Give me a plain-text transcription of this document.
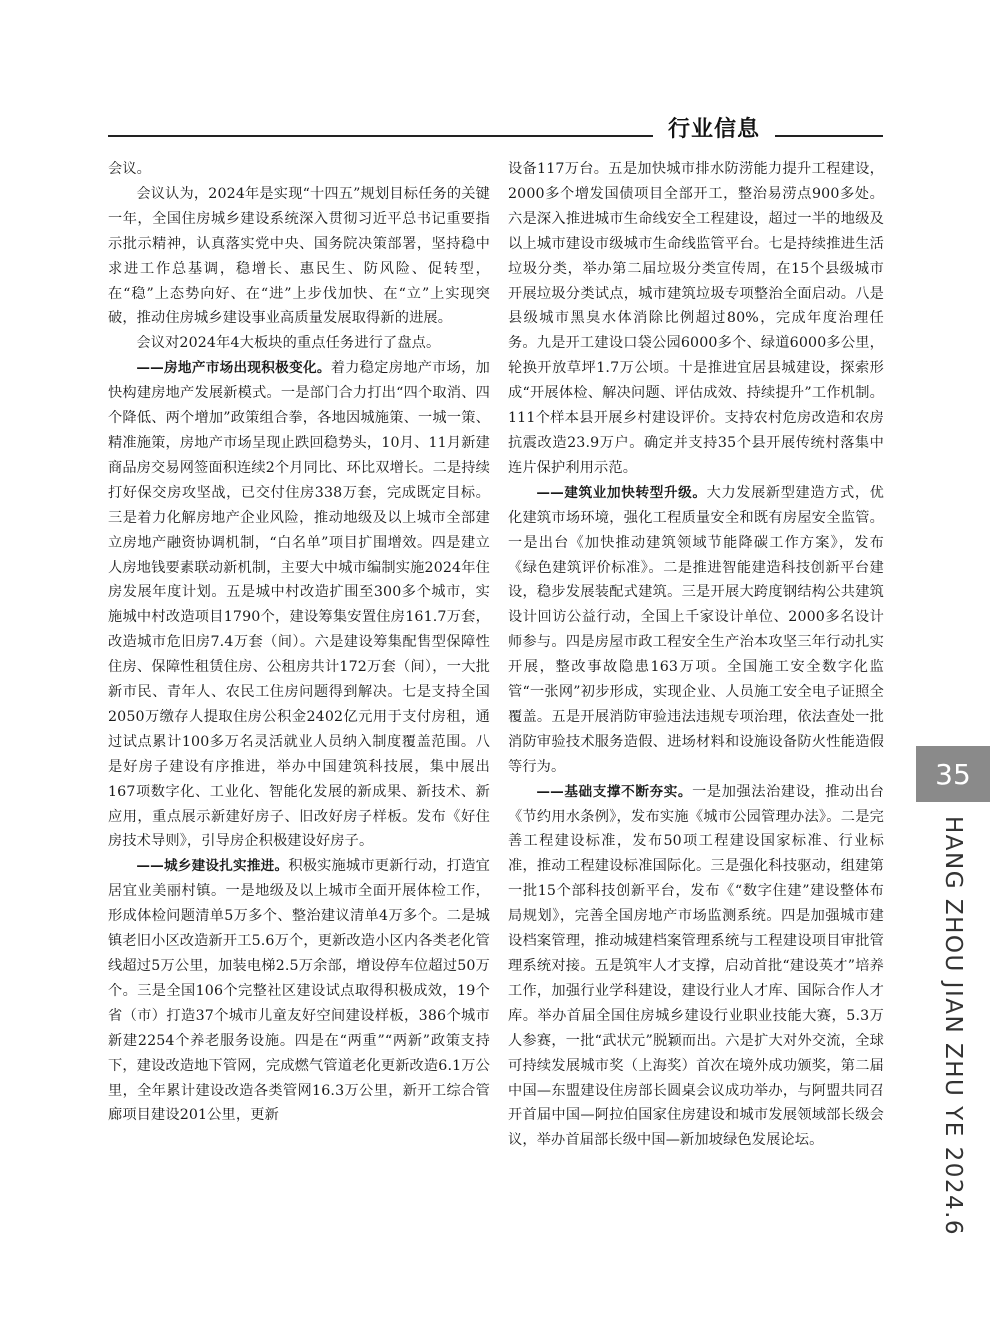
行业信息

会议。

会议认为，2024年是实现“十四五”规划目标任务的关键一年，全国住房城乡建设系统深入贯彻习近平总书记重要指示批示精神，认真落实党中央、国务院决策部署，坚持稳中求进工作总基调，稳增长、惠民生、防风险、促转型，在“稳”上态势向好、在“进”上步伐加快、在“立”上实现突破，推动住房城乡建设事业高质量发展取得新的进展。

会议对2024年4大板块的重点任务进行了盘点。

——房地产市场出现积极变化。着力稳定房地产市场，加快构建房地产发展新模式。一是部门合力打出“四个取消、四个降低、两个增加”政策组合拳，各地因城施策、一城一策、精准施策，房地产市场呈现止跌回稳势头，10月、11月新建商品房交易网签面积连续2个月同比、环比双增长。二是持续打好保交房攻坚战，已交付住房338万套，完成既定目标。三是着力化解房地产企业风险，推动地级及以上城市全部建立房地产融资协调机制，“白名单”项目扩围增效。四是建立人房地钱要素联动新机制，主要大中城市编制实施2024年住房发展年度计划。五是城中村改造扩围至300多个城市，实施城中村改造项目1790个，建设筹集安置住房161.7万套，改造城市危旧房7.4万套（间）。六是建设筹集配售型保障性住房、保障性租赁住房、公租房共计172万套（间），一大批新市民、青年人、农民工住房问题得到解决。七是支持全国2050万缴存人提取住房公积金2402亿元用于支付房租，通过试点累计100多万名灵活就业人员纳入制度覆盖范围。八是好房子建设有序推进，举办中国建筑科技展，集中展出167项数字化、工业化、智能化发展的新成果、新技术、新应用，重点展示新建好房子、旧改好房子样板。发布《好住房技术导则》，引导房企积极建设好房子。

——城乡建设扎实推进。积极实施城市更新行动，打造宜居宜业美丽村镇。一是地级及以上城市全面开展体检工作，形成体检问题清单5万多个、整治建议清单4万多个。二是城镇老旧小区改造新开工5.6万个，更新改造小区内各类老化管线超过5万公里，加装电梯2.5万余部，增设停车位超过50万个。三是全国106个完整社区建设试点取得积极成效，19个省（市）打造37个城市儿童友好空间建设样板，386个城市新建2254个养老服务设施。四是在“两重”“两新”政策支持下，建设改造地下管网，完成燃气管道老化更新改造6.1万公里，全年累计建设改造各类管网16.3万公里，新开工综合管廊项目建设201公里，更新

设备117万台。五是加快城市排水防涝能力提升工程建设，2000多个增发国债项目全部开工，整治易涝点900多处。六是深入推进城市生命线安全工程建设，超过一半的地级及以上城市建设市级城市生命线监管平台。七是持续推进生活垃圾分类，举办第二届垃圾分类宣传周，在15个县级城市开展垃圾分类试点，城市建筑垃圾专项整治全面启动。八是县级城市黑臭水体消除比例超过80%，完成年度治理任务。九是开工建设口袋公园6000多个、绿道6000多公里，轮换开放草坪1.7万公顷。十是推进宜居县城建设，探索形成“开展体检、解决问题、评估成效、持续提升”工作机制。111个样本县开展乡村建设评价。支持农村危房改造和农房抗震改造23.9万户。确定并支持35个县开展传统村落集中连片保护利用示范。

——建筑业加快转型升级。大力发展新型建造方式，优化建筑市场环境，强化工程质量安全和既有房屋安全监管。一是出台《加快推动建筑领域节能降碳工作方案》，发布《绿色建筑评价标准》。二是推进智能建造科技创新平台建设，稳步发展装配式建筑。三是开展大跨度钢结构公共建筑设计回访公益行动，全国上千家设计单位、2000多名设计师参与。四是房屋市政工程安全生产治本攻坚三年行动扎实开展，整改事故隐患163万项。全国施工安全数字化监管“一张网”初步形成，实现企业、人员施工安全电子证照全覆盖。五是开展消防审验违法违规专项治理，依法查处一批消防审验技术服务造假、进场材料和设施设备防火性能造假等行为。

——基础支撑不断夯实。一是加强法治建设，推动出台《节约用水条例》，发布实施《城市公园管理办法》。二是完善工程建设标准，发布50项工程建设国家标准、行业标准，推动工程建设标准国际化。三是强化科技驱动，组建第一批15个部科技创新平台，发布《“数字住建”建设整体布局规划》，完善全国房地产市场监测系统。四是加强城市建设档案管理，推动城建档案管理系统与工程建设项目审批管理系统对接。五是筑牢人才支撑，启动首批“建设英才”培养工作，加强行业学科建设，建设行业人才库、国际合作人才库。举办首届全国住房城乡建设行业职业技能大赛，5.3万人参赛，一批“武状元”脱颖而出。六是扩大对外交流，全球可持续发展城市奖（上海奖）首次在境外成功颁奖，第二届中国—东盟建设住房部长圆桌会议成功举办，与阿盟共同召开首届中国—阿拉伯国家住房建设和城市发展领域部长级会议，举办首届部长级中国—新加坡绿色发展论坛。

35
HANG ZHOU JIAN ZHU YE 2024.6
